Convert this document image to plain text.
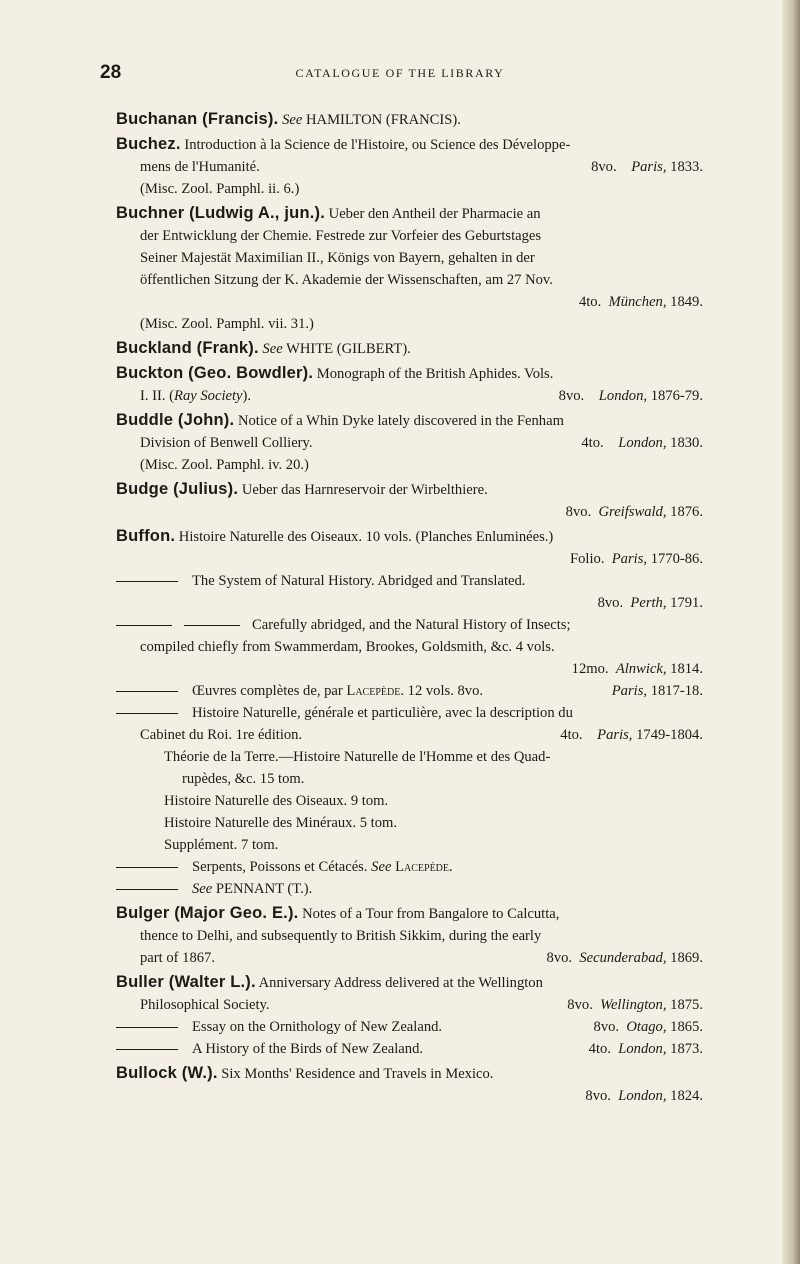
28	CATALOGUE OF THE LIBRARY
Buchanan (Francis). See HAMILTON (FRANCIS).
Buchez. Introduction à la Science de l'Histoire, ou Science des Développe-
mens de l'Humanité.	8vo. Paris, 1833.
(Misc. Zool. Pamphl. ii. 6.)
Buchner (Ludwig A., jun.). Ueber den Antheil der Pharmacie an
der Entwicklung der Chemie. Festrede zur Vorfeier des Geburtstages
Seiner Majestät Maximilian II., Königs von Bayern, gehalten in der
öffentlichen Sitzung der K. Akademie der Wissenschaften, am 27 Nov.
4to. München, 1849.
(Misc. Zool. Pamphl. vii. 31.)
Buckland (Frank). See WHITE (GILBERT).
Buckton (Geo. Bowdler). Monograph of the British Aphides. Vols.
I. II. (Ray Society).	8vo. London, 1876-79.
Buddle (John). Notice of a Whin Dyke lately discovered in the Fenham
Division of Benwell Colliery.	4to. London, 1830.
(Misc. Zool. Pamphl. iv. 20.)
Budge (Julius). Ueber das Harnreservoir der Wirbelthiere.
8vo. Greifswald, 1876.
Buffon. Histoire Naturelle des Oiseaux. 10 vols. (Planches Enluminées.)
Folio. Paris, 1770-86.
The System of Natural History. Abridged and Translated.
8vo. Perth, 1791.
Carefully abridged, and the Natural History of Insects;
compiled chiefly from Swammerdam, Brookes, Goldsmith, &c. 4 vols.
12mo. Alnwick, 1814.
Œuvres complètes de, par Lacepède. 12 vols. 8vo.	Paris, 1817-18.
Histoire Naturelle, générale et particulière, avec la description du
Cabinet du Roi. 1re édition.	4to. Paris, 1749-1804.
Théorie de la Terre.—Histoire Naturelle de l'Homme et des Quad-
rupèdes, &c. 15 tom.
Histoire Naturelle des Oiseaux. 9 tom.
Histoire Naturelle des Minéraux. 5 tom.
Supplément. 7 tom.
Serpents, Poissons et Cétacés. See Lacepède.
See PENNANT (T.).
Bulger (Major Geo. E.). Notes of a Tour from Bangalore to Calcutta,
thence to Delhi, and subsequently to British Sikkim, during the early
part of 1867.	8vo. Secunderabad, 1869.
Buller (Walter L.). Anniversary Address delivered at the Wellington
Philosophical Society.	8vo. Wellington, 1875.
Essay on the Ornithology of New Zealand.	8vo. Otago, 1865.
A History of the Birds of New Zealand.	4to. London, 1873.
Bullock (W.). Six Months' Residence and Travels in Mexico.
8vo. London, 1824.
